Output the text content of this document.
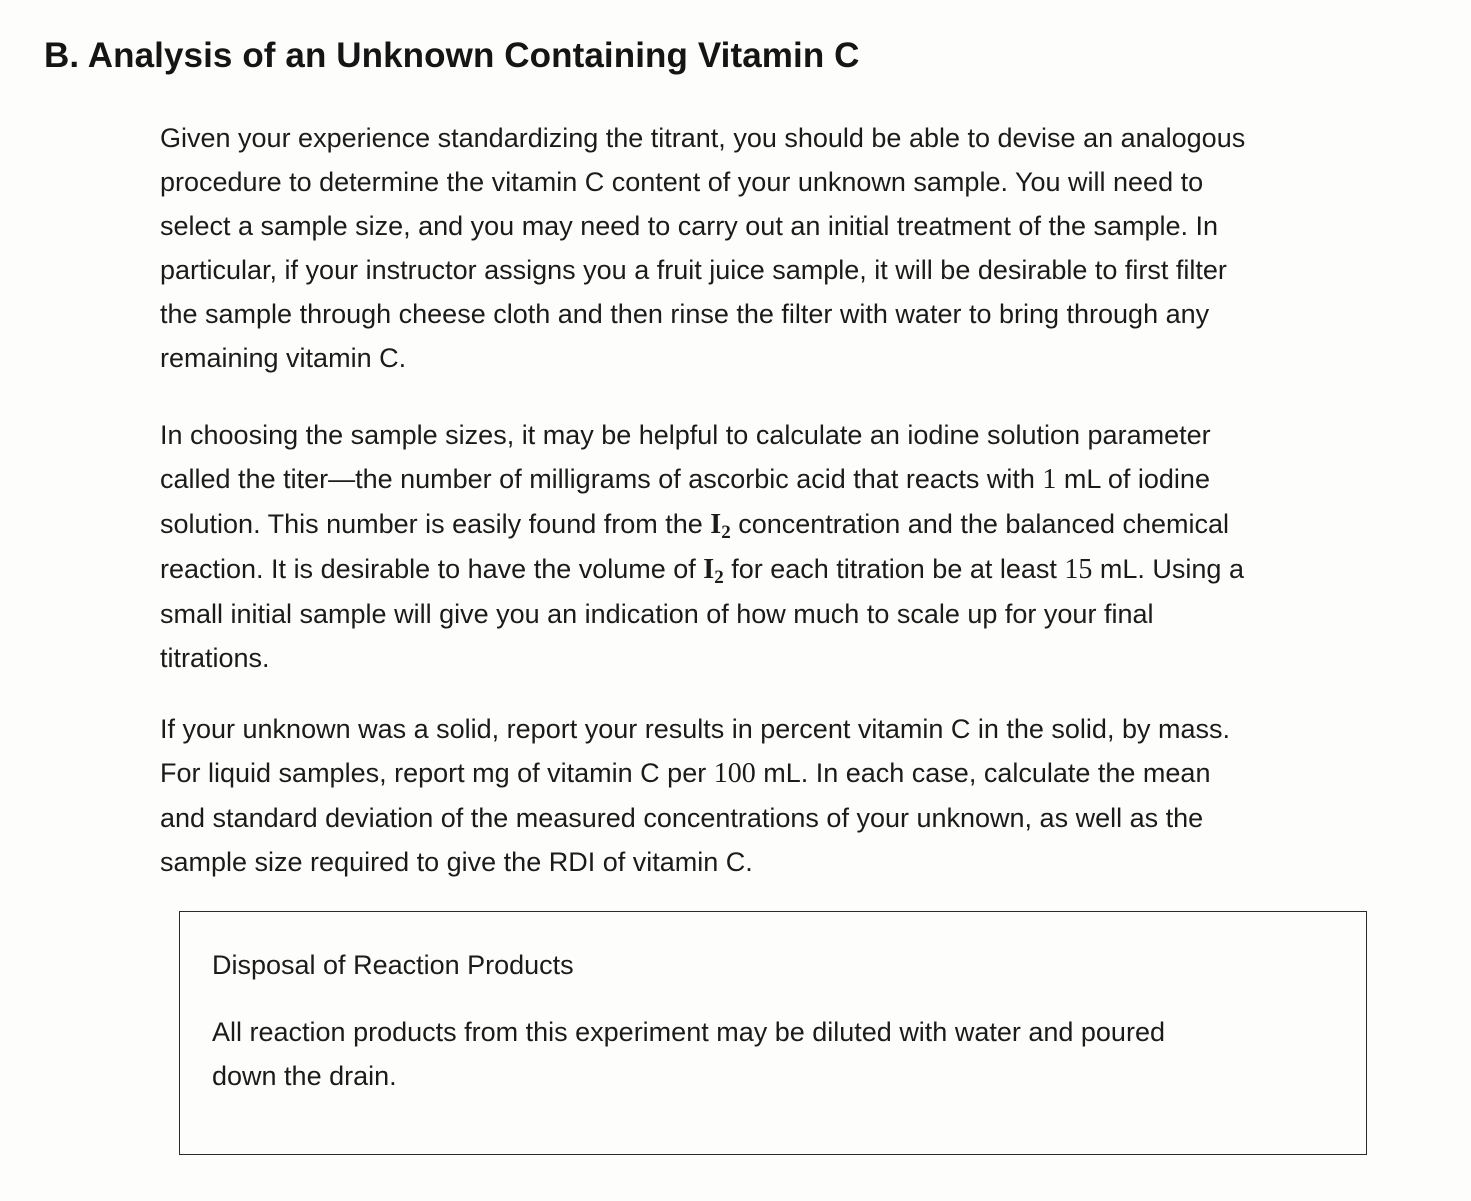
B. Analysis of an Unknown Containing Vitamin C
Given your experience standardizing the titrant, you should be able to devise an analogous
procedure to determine the vitamin C content of your unknown sample. You will need to
select a sample size, and you may need to carry out an initial treatment of the sample. In
particular, if your instructor assigns you a fruit juice sample, it will be desirable to first filter
the sample through cheese cloth and then rinse the filter with water to bring through any
remaining vitamin C.
In choosing the sample sizes, it may be helpful to calculate an iodine solution parameter
called the titer—the number of milligrams of ascorbic acid that reacts with 1 mL of iodine
solution. This number is easily found from the $I_2$ concentration and the balanced chemical
reaction. It is desirable to have the volume of $I_2$ for each titration be at least 15 mL. Using a
small initial sample will give you an indication of how much to scale up for your final
titrations.
If your unknown was a solid, report your results in percent vitamin C in the solid, by mass.
For liquid samples, report mg of vitamin C per 100 mL. In each case, calculate the mean
and standard deviation of the measured concentrations of your unknown, as well as the
sample size required to give the RDI of vitamin C.
Disposal of Reaction Products
All reaction products from this experiment may be diluted with water and poured
down the drain.
